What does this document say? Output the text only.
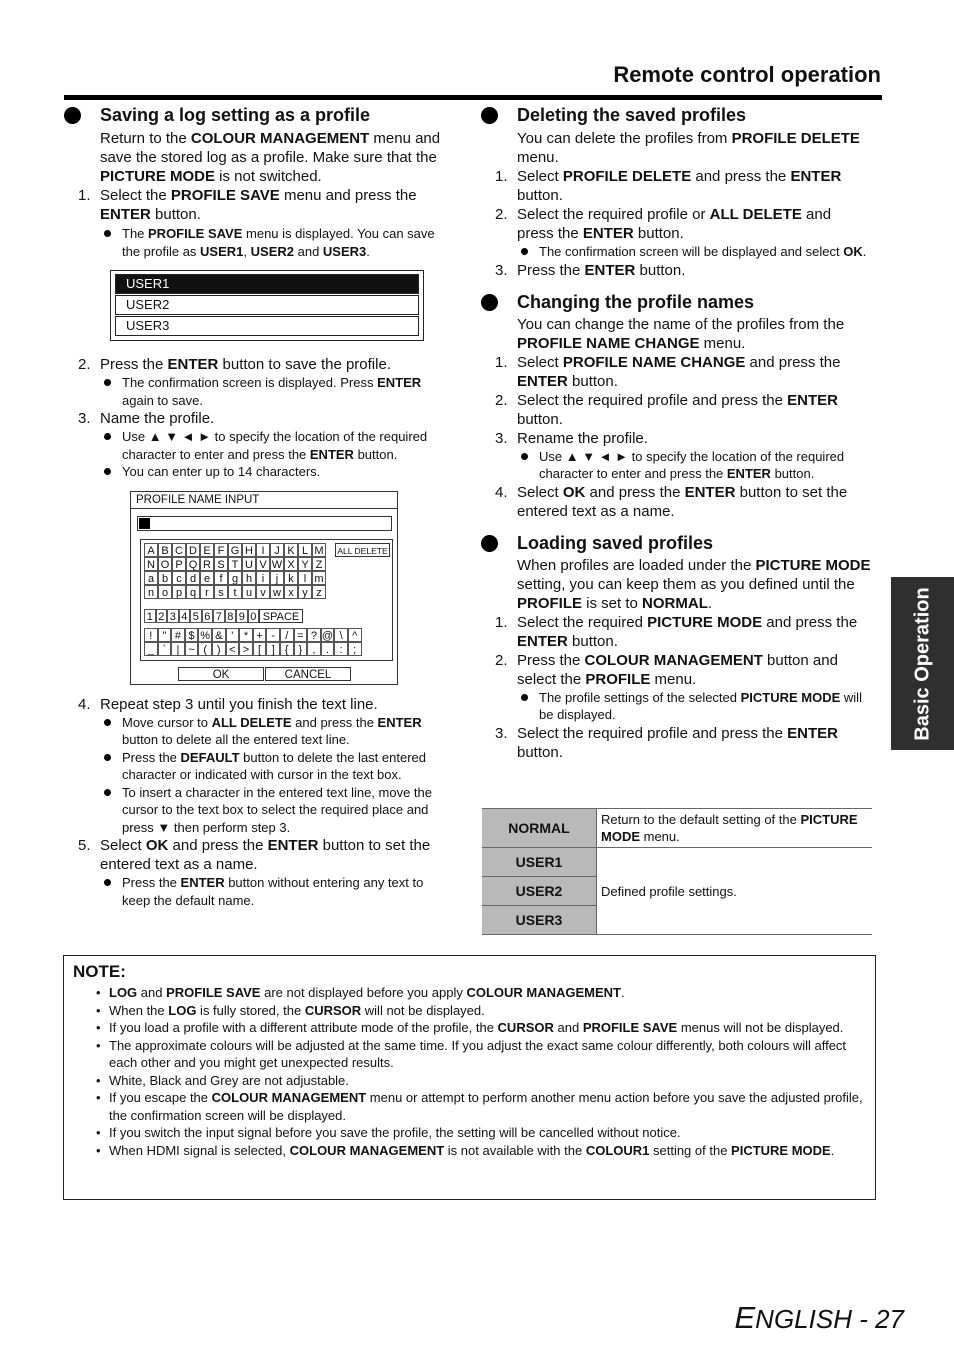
Remote control operation
Saving a log setting as a profile
Return to the COLOUR MANAGEMENT menu and save the stored log as a profile. Make sure that the PICTURE MODE is not switched.
1. Select the PROFILE SAVE menu and press the ENTER button.
The PROFILE SAVE menu is displayed. You can save the profile as USER1, USER2 and USER3.
USER1
USER2
USER3
2. Press the ENTER button to save the profile.
The confirmation screen is displayed. Press ENTER again to save.
3. Name the profile.
Use ▲ ▼ ◄ ► to specify the location of the required character to enter and press the ENTER button.
You can enter up to 14 characters.
PROFILE NAME INPUT
A B C D E F G H I J K L M
N O P Q R S T U V W X Y Z
a b c d e f g h i	j k l m
n o p q r s t u v w x y z
ALL DELETE
1 2 3 4 5 6 7 8 9 0 SPACE
! " # $ % & ' * + - / = ? @ \ ^
_ ` | ~ ( ) < > [ ] { } , . : ;
OK	CANCEL
4. Repeat step 3 until you finish the text line.
Move cursor to ALL DELETE and press the ENTER button to delete all the entered text line.
Press the DEFAULT button to delete the last entered character or indicated with cursor in the text box.
To insert a character in the entered text line, move the cursor to the text box to select the required place and press ▼ then perform step 3.
5. Select OK and press the ENTER button to set the entered text as a name.
Press the ENTER button without entering any text to keep the default name.
Deleting the saved profiles
You can delete the profiles from PROFILE DELETE menu.
1. Select PROFILE DELETE and press the ENTER button.
2. Select the required profile or ALL DELETE and press the ENTER button.
The confirmation screen will be displayed and select OK.
3. Press the ENTER button.
Changing the profile names
You can change the name of the profiles from the PROFILE NAME CHANGE menu.
1. Select PROFILE NAME CHANGE and press the ENTER button.
2. Select the required profile and press the ENTER button.
3. Rename the profile.
Use ▲ ▼ ◄ ► to specify the location of the required character to enter and press the ENTER button.
4. Select OK and press the ENTER button to set the entered text as a name.
Loading saved profiles
When profiles are loaded under the PICTURE MODE setting, you can keep them as you defined until the PROFILE is set to NORMAL.
1. Select the required PICTURE MODE and press the ENTER button.
2. Press the COLOUR MANAGEMENT button and select the PROFILE menu.
The profile settings of the selected PICTURE MODE will be displayed.
3. Select the required profile and press the ENTER button.
NORMAL	Return to the default setting of the PICTURE MODE menu.
USER1	Defined profile settings.
USER2	
USER3	
NOTE:
• LOG and PROFILE SAVE are not displayed before you apply COLOUR MANAGEMENT.
• When the LOG is fully stored, the CURSOR will not be displayed.
• If you load a profile with a different attribute mode of the profile, the CURSOR and PROFILE SAVE menus will not be displayed.
• The approximate colours will be adjusted at the same time. If you adjust the exact same colour differently, both colours will affect each other and you might get unexpected results.
• White, Black and Grey are not adjustable.
• If you escape the COLOUR MANAGEMENT menu or attempt to perform another menu action before you save the adjusted profile, the confirmation screen will be displayed.
• If you switch the input signal before you save the profile, the setting will be cancelled without notice.
• When HDMI signal is selected, COLOUR MANAGEMENT is not available with the COLOUR1 setting of the PICTURE MODE.
Basic Operation
ENGLISH - 27
